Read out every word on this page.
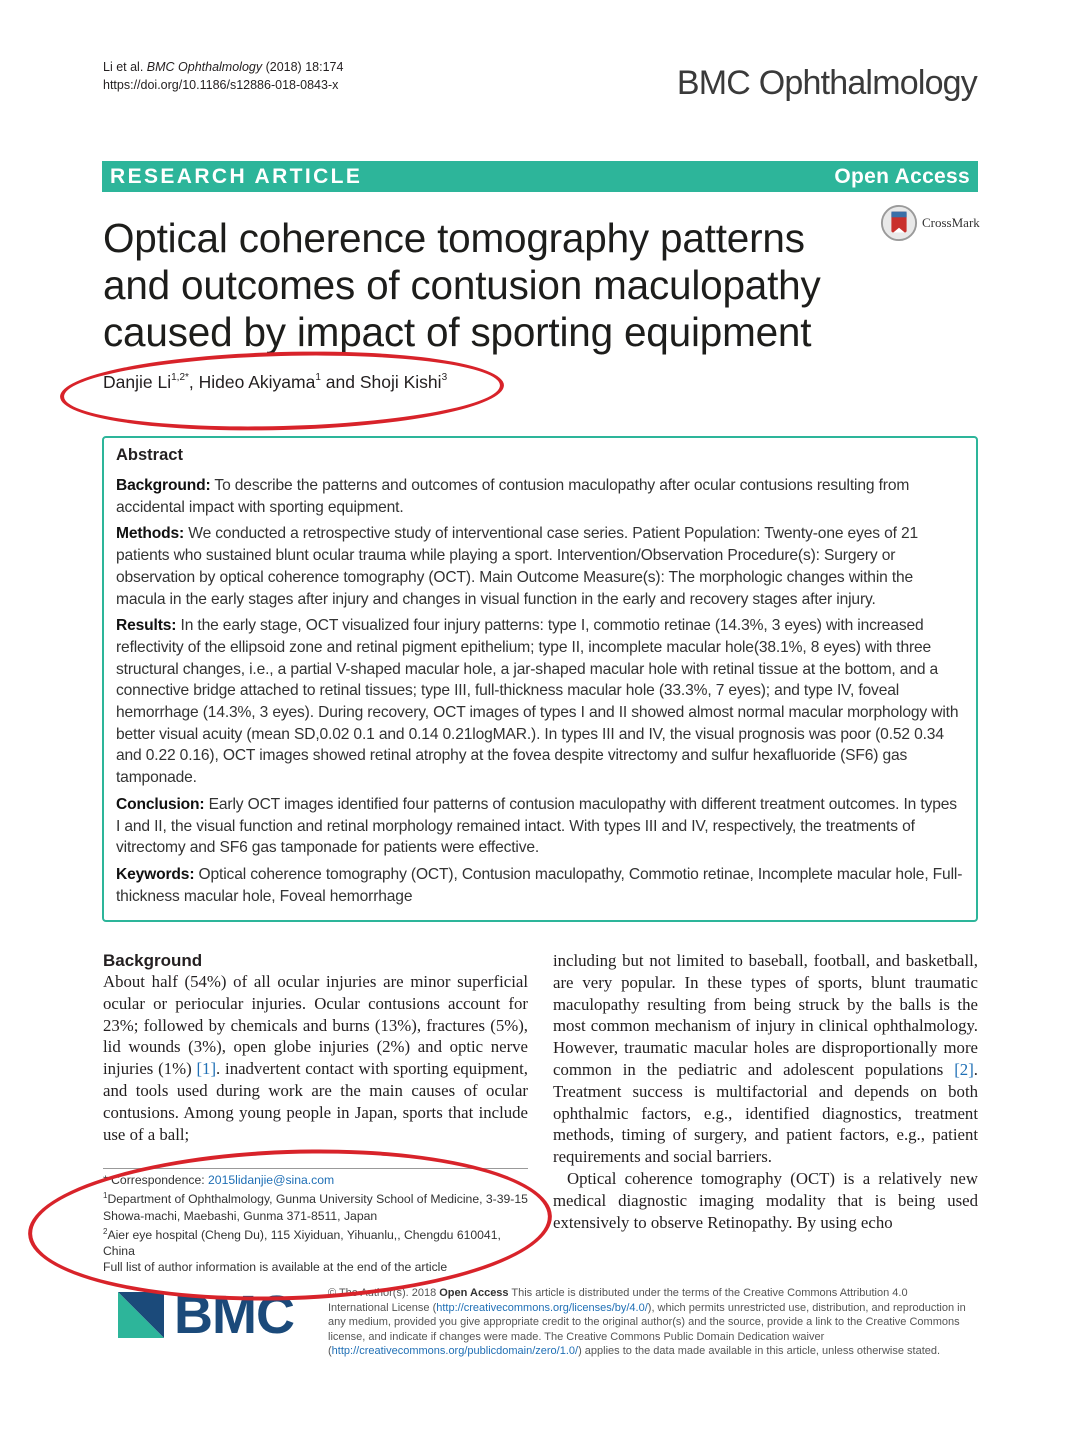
Li et al. BMC Ophthalmology (2018) 18:174
https://doi.org/10.1186/s12886-018-0843-x	BMC Ophthalmology
RESEARCH ARTICLE	Open Access
CrossMark
Optical coherence tomography patterns and outcomes of contusion maculopathy caused by impact of sporting equipment
Danjie $Li^{1,2*}$, Hideo Akiyama$^1$ and Shoji Kishi$^3$
Abstract

Background: To describe the patterns and outcomes of contusion maculopathy after ocular contusions resulting from accidental impact with sporting equipment.

Methods: We conducted a retrospective study of interventional case series. Patient Population: Twenty-one eyes of 21 patients who sustained blunt ocular trauma while playing a sport. Intervention/Observation Procedure(s): Surgery or observation by optical coherence tomography (OCT). Main Outcome Measure(s): The morphologic changes within the macula in the early stages after injury and changes in visual function in the early and recovery stages after injury.

Results: In the early stage, OCT visualized four injury patterns: type I, commotio retinae (14.3%, 3 eyes) with increased reflectivity of the ellipsoid zone and retinal pigment epithelium; type II, incomplete macular hole(38.1%, 8 eyes) with three structural changes, i.e., a partial V-shaped macular hole, a jar-shaped macular hole with retinal tissue at the bottom, and a connective bridge attached to retinal tissues; type III, full-thickness macular hole (33.3%, 7 eyes); and type IV, foveal hemorrhage (14.3%, 3 eyes). During recovery, OCT images of types I and II showed almost normal macular morphology with better visual acuity (mean SD,0.02 0.1 and 0.14 0.21logMAR.). In types III and IV, the visual prognosis was poor (0.52 0.34 and 0.22 0.16), OCT images showed retinal atrophy at the fovea despite vitrectomy and sulfur hexafluoride (SF6) gas tamponade.

Conclusion: Early OCT images identified four patterns of contusion maculopathy with different treatment outcomes. In types I and II, the visual function and retinal morphology remained intact. With types III and IV, respectively, the treatments of vitrectomy and SF6 gas tamponade for patients were effective.

Keywords: Optical coherence tomography (OCT), Contusion maculopathy, Commotio retinae, Incomplete macular hole, Full-thickness macular hole, Foveal hemorrhage

Background
About half (54%) of all ocular injuries are minor superficial ocular or periocular injuries. Ocular contusions account for 23%; followed by chemicals and burns (13%), fractures (5%), lid wounds (3%), open globe injuries (2%) and optic nerve injuries (1%) [1]. inadvertent contact with sporting equipment, and tools used during work are the main causes of ocular contusions. Among young people in Japan, sports that include use of a ball;
including but not limited to baseball, football, and basketball, are very popular. In these types of sports, blunt traumatic maculopathy resulting from being struck by the balls is the most common mechanism of injury in clinical ophthalmology. However, traumatic macular holes are disproportionally more common in the pediatric and adolescent populations [2]. Treatment success is multifactorial and depends on both ophthalmic factors, e.g., identified diagnostics, treatment methods, timing of surgery, and patient factors, e.g., patient requirements and social barriers.
Optical coherence tomography (OCT) is a relatively new medical diagnostic imaging modality that is being used extensively to observe Retinopathy. By using echo
* Correspondence: 2015lidanjie@sina.com
$^1$Department of Ophthalmology, Gunma University School of Medicine, 3-39-15 Showa-machi, Maebashi, Gunma 371-8511, Japan
$^2$Aier eye hospital (Cheng Du), 115 Xiyiduan, Yihuanlu,, Chengdu 610041, China
Full list of author information is available at the end of the article
BMC	© The Author(s). 2018 Open Access This article is distributed under the terms of the Creative Commons Attribution 4.0 International License (http://creativecommons.org/licenses/by/4.0/), which permits unrestricted use, distribution, and reproduction in any medium, provided you give appropriate credit to the original author(s) and the source, provide a link to the Creative Commons license, and indicate if changes were made. The Creative Commons Public Domain Dedication waiver (http://creativecommons.org/publicdomain/zero/1.0/) applies to the data made available in this article, unless otherwise stated.
